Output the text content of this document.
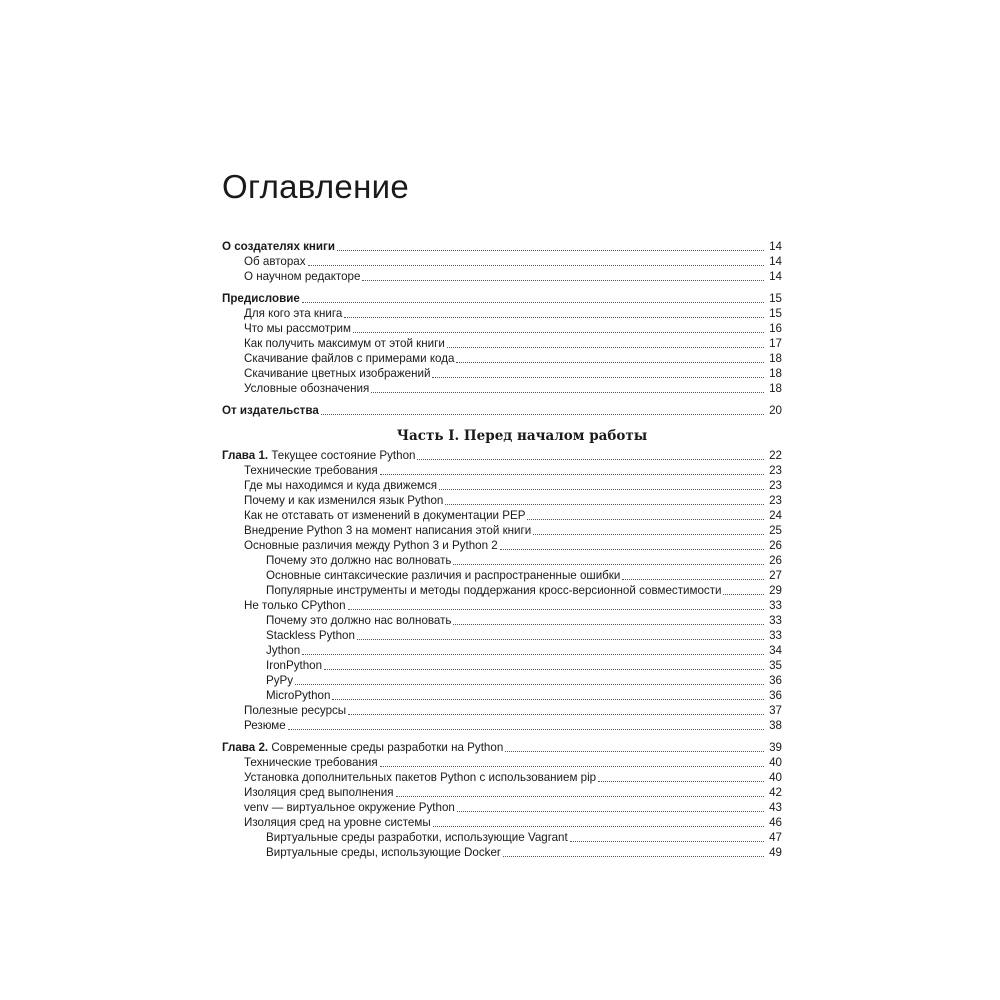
Оглавление
О создателях книги	14
Об авторах	14
О научном редакторе	14
Предисловие	15
Для кого эта книга	15
Что мы рассмотрим	16
Как получить максимум от этой книги	17
Скачивание файлов с примерами кода	18
Скачивание цветных изображений	18
Условные обозначения	18
От издательства	20
Часть I. Перед началом работы
Глава 1. Текущее состояние Python	22
Технические требования	23
Где мы находимся и куда движемся	23
Почему и как изменился язык Python	23
Как не отставать от изменений в документации PEP	24
Внедрение Python 3 на момент написания этой книги	25
Основные различия между Python 3 и Python 2	26
Почему это должно нас волновать	26
Основные синтаксические различия и распространенные ошибки	27
Популярные инструменты и методы поддержания кросс-версионной совместимости	29
Не только CPython	33
Почему это должно нас волновать	33
Stackless Python	33
Jython	34
IronPython	35
PyPy	36
MicroPython	36
Полезные ресурсы	37
Резюме	38
Глава 2. Современные среды разработки на Python	39
Технические требования	40
Установка дополнительных пакетов Python с использованием pip	40
Изоляция сред выполнения	42
venv — виртуальное окружение Python	43
Изоляция сред на уровне системы	46
Виртуальные среды разработки, использующие Vagrant	47
Виртуальные среды, использующие Docker	49
